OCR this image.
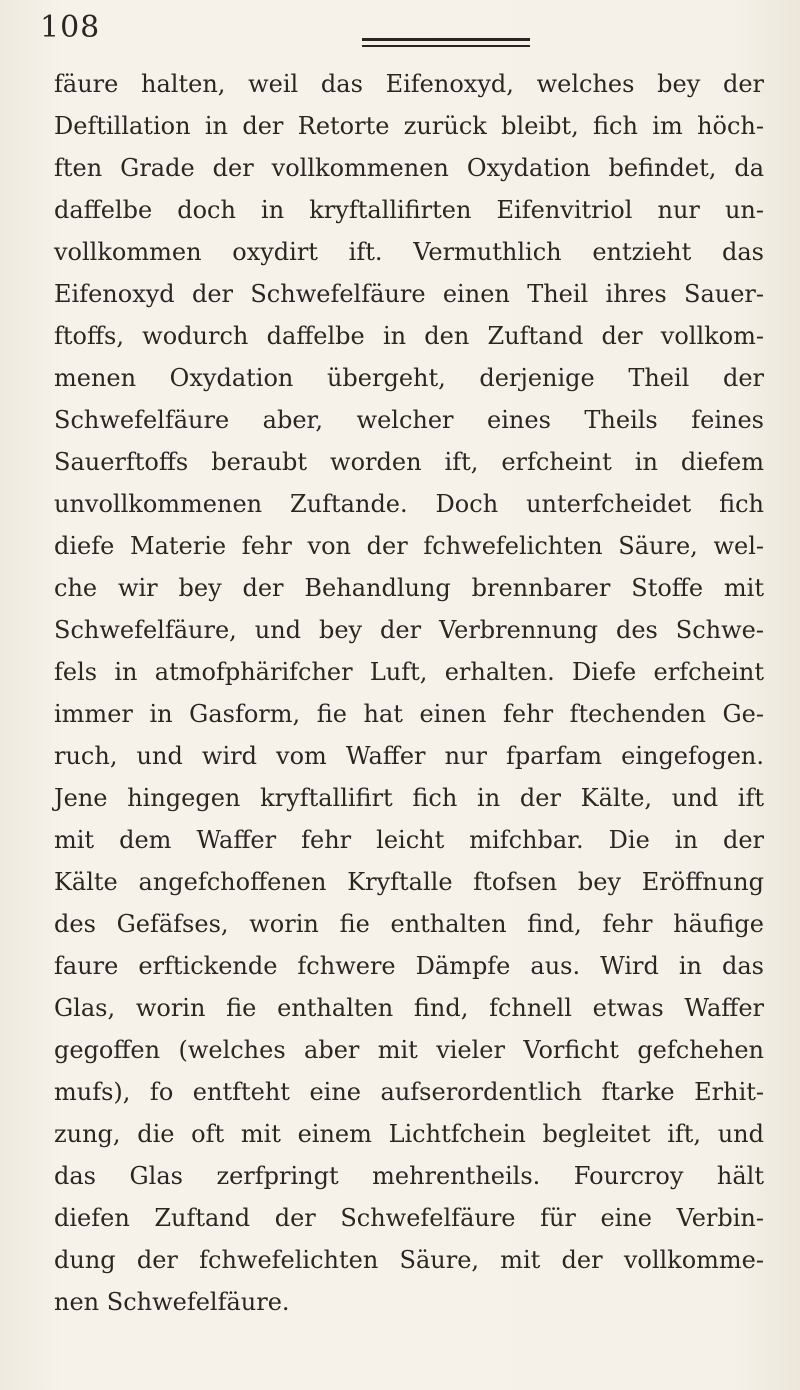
108
fäure halten, weil das Eifenoxyd, welches bey der
Deftillation in der Retorte zurück bleibt, fich im höch-
ften Grade der vollkommenen Oxydation befindet, da
daffelbe doch in kryftallifirten Eifenvitriol nur un-
vollkommen oxydirt ift. Vermuthlich entzieht das
Eifenoxyd der Schwefelfäure einen Theil ihres Sauer-
ftoffs, wodurch daffelbe in den Zuftand der vollkom-
menen Oxydation übergeht, derjenige Theil der
Schwefelfäure aber, welcher eines Theils feines
Sauerftoffs beraubt worden ift, erfcheint in diefem
unvollkommenen Zuftande. Doch unterfcheidet fich
diefe Materie fehr von der fchwefelichten Säure, wel-
che wir bey der Behandlung brennbarer Stoffe mit
Schwefelfäure, und bey der Verbrennung des Schwe-
fels in atmofphärifcher Luft, erhalten. Diefe erfcheint
immer in Gasform, fie hat einen fehr ftechenden Ge-
ruch, und wird vom Waffer nur fparfam eingefogen.
Jene hingegen kryftallifirt fich in der Kälte, und ift
mit dem Waffer fehr leicht mifchbar. Die in der
Kälte angefchoffenen Kryftalle ftofsen bey Eröffnung
des Gefäfses, worin fie enthalten find, fehr häufige
faure erftickende fchwere Dämpfe aus. Wird in das
Glas, worin fie enthalten find, fchnell etwas Waffer
gegoffen (welches aber mit vieler Vorficht gefchehen
mufs), fo entfteht eine aufserordentlich ftarke Erhit-
zung, die oft mit einem Lichtfchein begleitet ift, und
das Glas zerfpringt mehrentheils. Fourcroy hält
diefen Zuftand der Schwefelfäure für eine Verbin-
dung der fchwefelichten Säure, mit der vollkomme-
nen Schwefelfäure.
